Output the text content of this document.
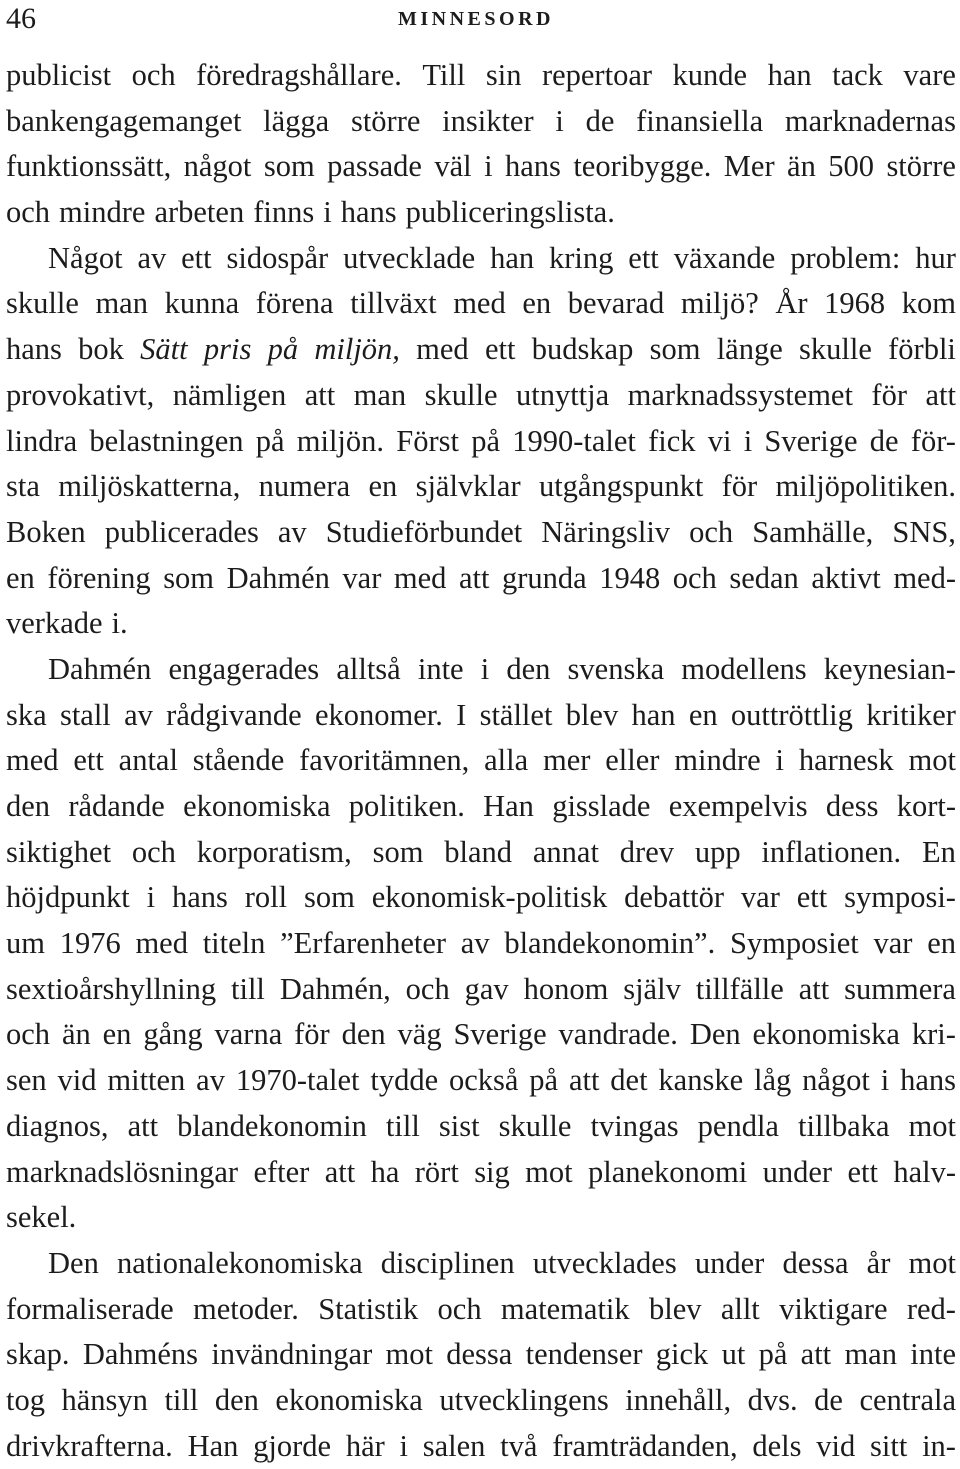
46	MINNESORD
publicist och föredragshållare. Till sin repertoar kunde han tack vare
bankengagemanget lägga större insikter i de finansiella marknadernas
funktionssätt, något som passade väl i hans teoribygge. Mer än 500 större
och mindre arbeten finns i hans publiceringslista.
Något av ett sidospår utvecklade han kring ett växande problem: hur
skulle man kunna förena tillväxt med en bevarad miljö? År 1968 kom
hans bok Sätt pris på miljön, med ett budskap som länge skulle förbli
provokativt, nämligen att man skulle utnyttja marknadssystemet för att
lindra belastningen på miljön. Först på 1990-talet fick vi i Sverige de för-
sta miljöskatterna, numera en självklar utgångspunkt för miljöpolitiken.
Boken publicerades av Studieförbundet Näringsliv och Samhälle, SNS,
en förening som Dahmén var med att grunda 1948 och sedan aktivt med-
verkade i.
Dahmén engagerades alltså inte i den svenska modellens keynesian-
ska stall av rådgivande ekonomer. I stället blev han en outtröttlig kritiker
med ett antal stående favoritämnen, alla mer eller mindre i harnesk mot
den rådande ekonomiska politiken. Han gisslade exempelvis dess kort-
siktighet och korporatism, som bland annat drev upp inflationen. En
höjdpunkt i hans roll som ekonomisk-politisk debattör var ett symposi-
um 1976 med titeln ”Erfarenheter av blandekonomin”. Symposiet var en
sextioårshyllning till Dahmén, och gav honom själv tillfälle att summera
och än en gång varna för den väg Sverige vandrade. Den ekonomiska kri-
sen vid mitten av 1970-talet tydde också på att det kanske låg något i hans
diagnos, att blandekonomin till sist skulle tvingas pendla tillbaka mot
marknadslösningar efter att ha rört sig mot planekonomi under ett halv-
sekel.
Den nationalekonomiska disciplinen utvecklades under dessa år mot
formaliserade metoder. Statistik och matematik blev allt viktigare red-
skap. Dahméns invändningar mot dessa tendenser gick ut på att man inte
tog hänsyn till den ekonomiska utvecklingens innehåll, dvs. de centrala
drivkrafterna. Han gjorde här i salen två framträdanden, dels vid sitt in-
